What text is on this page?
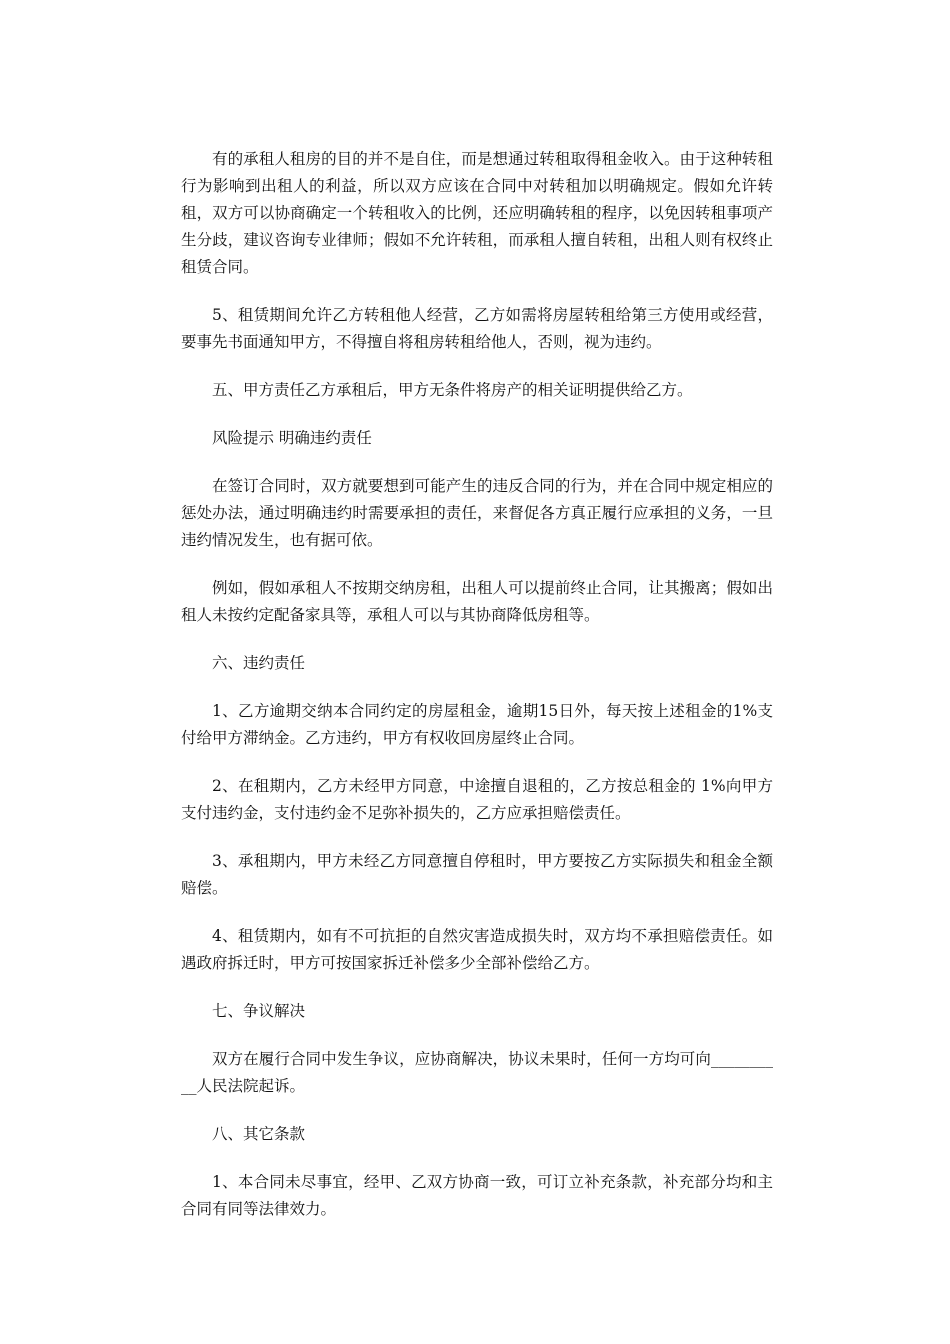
有的承租人租房的目的并不是自住，而是想通过转租取得租金收入。由于这种转租行为影响到出租人的利益，所以双方应该在合同中对转租加以明确规定。假如允许转租，双方可以协商确定一个转租收入的比例，还应明确转租的程序，以免因转租事项产生分歧，建议咨询专业律师；假如不允许转租，而承租人擅自转租，出租人则有权终止租赁合同。

5、租赁期间允许乙方转租他人经营，乙方如需将房屋转租给第三方使用或经营，要事先书面通知甲方，不得擅自将租房转租给他人，否则，视为违约。

五、甲方责任乙方承租后，甲方无条件将房产的相关证明提供给乙方。

风险提示 明确违约责任

在签订合同时，双方就要想到可能产生的违反合同的行为，并在合同中规定相应的惩处办法，通过明确违约时需要承担的责任，来督促各方真正履行应承担的义务，一旦违约情况发生，也有据可依。

例如，假如承租人不按期交纳房租，出租人可以提前终止合同，让其搬离；假如出租人未按约定配备家具等，承租人可以与其协商降低房租等。

六、违约责任

1、乙方逾期交纳本合同约定的房屋租金，逾期15日外，每天按上述租金的1%支付给甲方滞纳金。乙方违约，甲方有权收回房屋终止合同。

2、在租期内，乙方未经甲方同意，中途擅自退租的，乙方按总租金的 1%向甲方支付违约金，支付违约金不足弥补损失的，乙方应承担赔偿责任。

3、承租期内，甲方未经乙方同意擅自停租时，甲方要按乙方实际损失和租金全额赔偿。

4、租赁期内，如有不可抗拒的自然灾害造成损失时，双方均不承担赔偿责任。如遇政府拆迁时，甲方可按国家拆迁补偿多少全部补偿给乙方。

七、争议解决

双方在履行合同中发生争议，应协商解决，协议未果时，任何一方均可向__________人民法院起诉。

八、其它条款

1、本合同未尽事宜，经甲、乙双方协商一致，可订立补充条款，补充部分均和主合同有同等法律效力。
